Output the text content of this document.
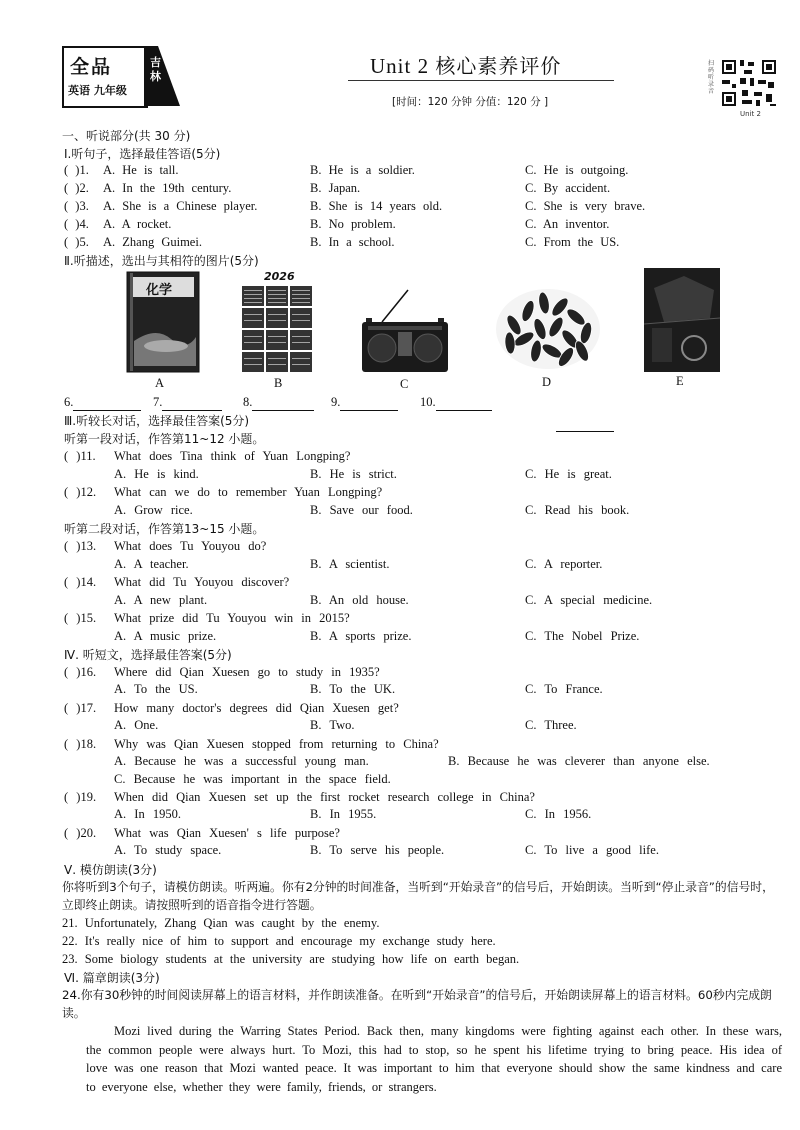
全品
英语 九年级
吉林	Unit 2 核心素养评价
[时间：120 分钟 分值：120 分 ]
扫码听录音
Unit 2
一、听说部分(共 30 分)
Ⅰ.听句子，选择最佳答语(5分)
( )1. A. He is tall.	B. He is a soldier.	C. He is outgoing.
( )2. A. In the 19th century.	B. Japan.	C. By accident.
( )3. A. She is a Chinese player.	B. She is 14 years old.	C. She is very brave.
( )4. A. A rocket.	B. No problem.	C. An inventor.
( )5. A. Zhang Guimei.	B. In a school.	C. From the US.
Ⅱ.听描述，选出与其相符的图片(5分)
化学
2026
A	B	C	D	E
6.	7.	8.	9.	10.
Ⅲ.听较长对话，选择最佳答案(5分)
听第一段对话，作答第11~12 小题。
听第二段对话，作答第13~15 小题。
( )11. What does Tina think of Yuan Longping?
A. He is kind.	B. He is strict.	C. He is great.
( )12. What can we do to remember Yuan Longping?
A. Grow rice.	B. Save our food.	C. Read his book.
( )13. What does Tu Youyou do?
A. A teacher.	B. A scientist.	C. A reporter.
( )14. What did Tu Youyou discover?
A. A new plant.	B. An old house.	C. A special medicine.
( )15. What prize did Tu Youyou win in 2015?
A. A music prize.	B. A sports prize.	C. The Nobel Prize.
Ⅳ. 听短文，选择最佳答案(5分)
( )16. Where did Qian Xuesen go to study in 1935?
A. To the US.	B. To the UK.	C. To France.
( )17. How many doctor's degrees did Qian Xuesen get?
A. One.	B. Two.	C. Three.
( )18. Why was Qian Xuesen stopped from returning to China?
A. Because he was a successful young man.	B. Because he was cleverer than anyone else.
C. Because he was important in the space field.
( )19. When did Qian Xuesen set up the first rocket research college in China?
A. In 1950.	B. In 1955.	C. In 1956.
( )20. What was Qian Xuesen' s life purpose?
A. To study space.	B. To serve his people.	C. To live a good life.
Ⅴ. 模仿朗读(3分)
你将听到3个句子，请模仿朗读。听两遍。你有2分钟的时间准备，当听到“开始录音”的信号后，开始朗读。当听到“停止录音”的信号时，立即终止朗读。请按照听到的语音指令进行答题。
21. Unfortunately, Zhang Qian was caught by the enemy.
22. It's really nice of him to support and encourage my exchange study here.
23. Some biology students at the university are studying how life on earth began.
Ⅵ. 篇章朗读(3分)
24.你有30秒钟的时间阅读屏幕上的语言材料，并作朗读准备。在听到“开始录音”的信号后，开始朗读屏幕上的语言材料。60秒内完成朗读。
Mozi lived during the Warring States Period. Back then, many kingdoms were fighting against each other. In these wars, the common people were always hurt. To Mozi, this had to stop, so he spent his lifetime trying to bring peace. His idea of love was one reason that Mozi wanted peace. It was important to him that everyone should show the same kindness and care to everyone else, whether they were family, friends, or strangers.
